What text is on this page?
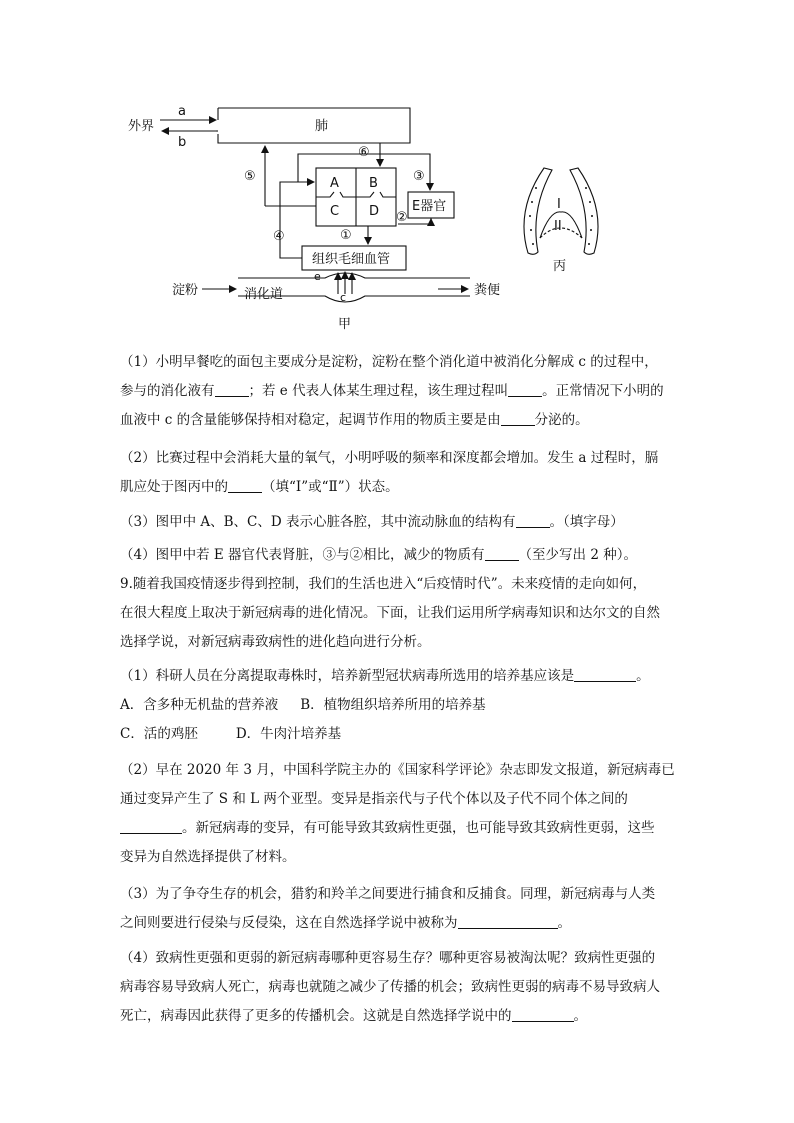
外界
a
b
肺
⑥
⑤	③
A B
C D	E器官
②
④	①
组织毛细血管
e
淀粉	消化道	c	粪便
甲
I
II
丙
（1）小明早餐吃的面包主要成分是淀粉，淀粉在整个消化道中被消化分解成 c 的过程中，
参与的消化液有	；若 e 代表人体某生理过程，该生理过程叫	。正常情况下小明的
血液中 c 的含量能够保持相对稳定，起调节作用的物质主要是由	分泌的。
（2）比赛过程中会消耗大量的氧气，小明呼吸的频率和深度都会增加。发生 a 过程时，膈
肌应处于图丙中的	（填“Ⅰ”或“Ⅱ”）状态。
（3）图甲中 A、B、C、D 表示心脏各腔，其中流动脉血的结构有	。（填字母）
（4）图甲中若 E 器官代表肾脏，③与②相比，减少的物质有	（至少写出 2 种）。
9.随着我国疫情逐步得到控制，我们的生活也进入“后疫情时代”。未来疫情的走向如何，
在很大程度上取决于新冠病毒的进化情况。下面，让我们运用所学病毒知识和达尔文的自然
选择学说，对新冠病毒致病性的进化趋向进行分析。
（1）科研人员在分离提取毒株时，培养新型冠状病毒所选用的培养基应该是	。
A．含多种无机盐的营养液 B．植物组织培养所用的培养基
C．活的鸡胚	D．牛肉汁培养基
（2）早在 2020 年 3 月，中国科学院主办的《国家科学评论》杂志即发文报道，新冠病毒已
通过变异产生了 S 和 L 两个亚型。变异是指亲代与子代个体以及子代不同个体之间的
。新冠病毒的变异，有可能导致其致病性更强，也可能导致其致病性更弱，这些
变异为自然选择提供了材料。
（3）为了争夺生存的机会，猎豹和羚羊之间要进行捕食和反捕食。同理，新冠病毒与人类
之间则要进行侵染与反侵染，这在自然选择学说中被称为	。
（4）致病性更强和更弱的新冠病毒哪种更容易生存？哪种更容易被淘汰呢？致病性更强的
病毒容易导致病人死亡，病毒也就随之减少了传播的机会；致病性更弱的病毒不易导致病人
死亡，病毒因此获得了更多的传播机会。这就是自然选择学说中的	。
